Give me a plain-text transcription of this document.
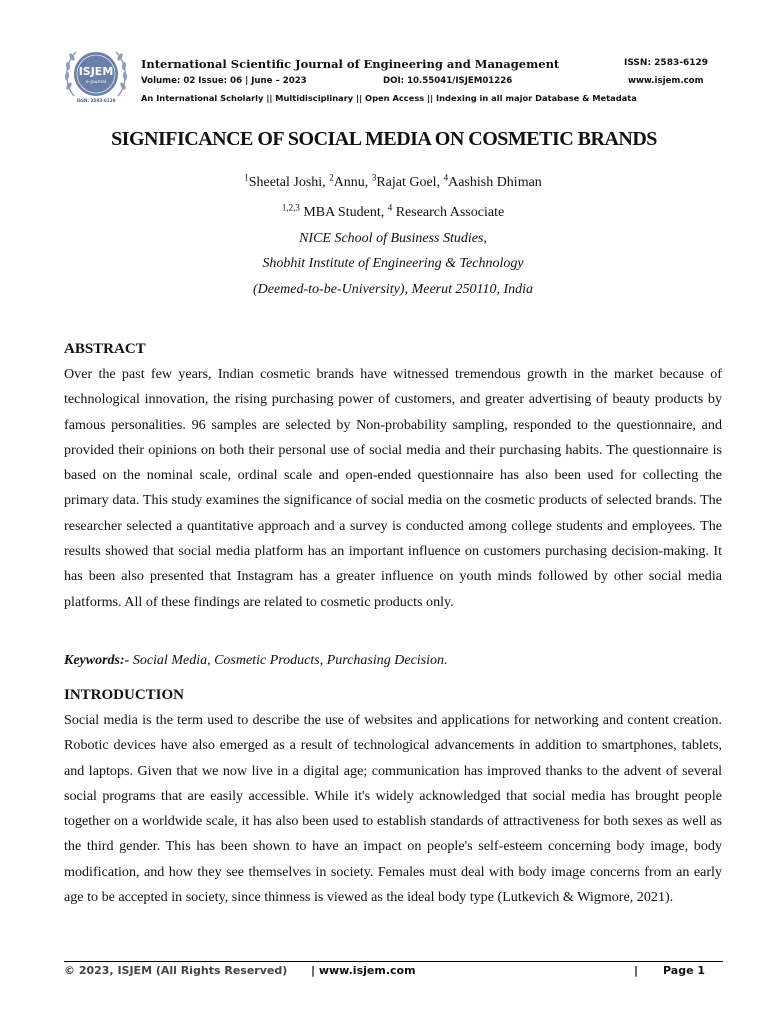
ISJEM
e-Journal
ISSN: 2583-6129
International Scientific Journal of Engineering and Management	ISSN: 2583-6129
Volume: 02 Issue: 06 | June – 2023	DOI: 10.55041/ISJEM01226	www.isjem.com
An International Scholarly || Multidisciplinary || Open Access || Indexing in all major Database & Metadata
SIGNIFICANCE OF SOCIAL MEDIA ON COSMETIC BRANDS
$^1$Sheetal Joshi, $^2$Annu, $^3$Rajat Goel, $^4$Aashish Dhiman
$^{1,2,3}$ MBA Student, $^4$ Research Associate
NICE School of Business Studies,
Shobhit Institute of Engineering & Technology
(Deemed-to-be-University), Meerut 250110, India
ABSTRACT

Over the past few years, Indian cosmetic brands have witnessed tremendous growth in the market because of technological innovation, the rising purchasing power of customers, and greater advertising of beauty products by famous personalities. 96 samples are selected by Non-probability sampling, responded to the questionnaire, and provided their opinions on both their personal use of social media and their purchasing habits. The questionnaire is based on the nominal scale, ordinal scale and open-ended questionnaire has also been used for collecting the primary data. This study examines the significance of social media on the cosmetic products of selected brands. The researcher selected a quantitative approach and a survey is conducted among college students and employees. The results showed that social media platform has an important influence on customers purchasing decision-making. It has been also presented that Instagram has a greater influence on youth minds followed by other social media platforms. All of these findings are related to cosmetic products only.

Keywords:- Social Media, Cosmetic Products, Purchasing Decision.
INTRODUCTION

Social media is the term used to describe the use of websites and applications for networking and content creation. Robotic devices have also emerged as a result of technological advancements in addition to smartphones, tablets, and laptops. Given that we now live in a digital age; communication has improved thanks to the advent of several social programs that are easily accessible. While it's widely acknowledged that social media has brought people together on a worldwide scale, it has also been used to establish standards of attractiveness for both sexes as well as the third gender. This has been shown to have an impact on people's self-esteem concerning body image, body modification, and how they see themselves in society. Females must deal with body image concerns from an early age to be accepted in society, since thinness is viewed as the ideal body type (Lutkevich & Wigmore, 2021).

© 2023, ISJEM (All Rights Reserved) | www.isjem.com	| Page 1
